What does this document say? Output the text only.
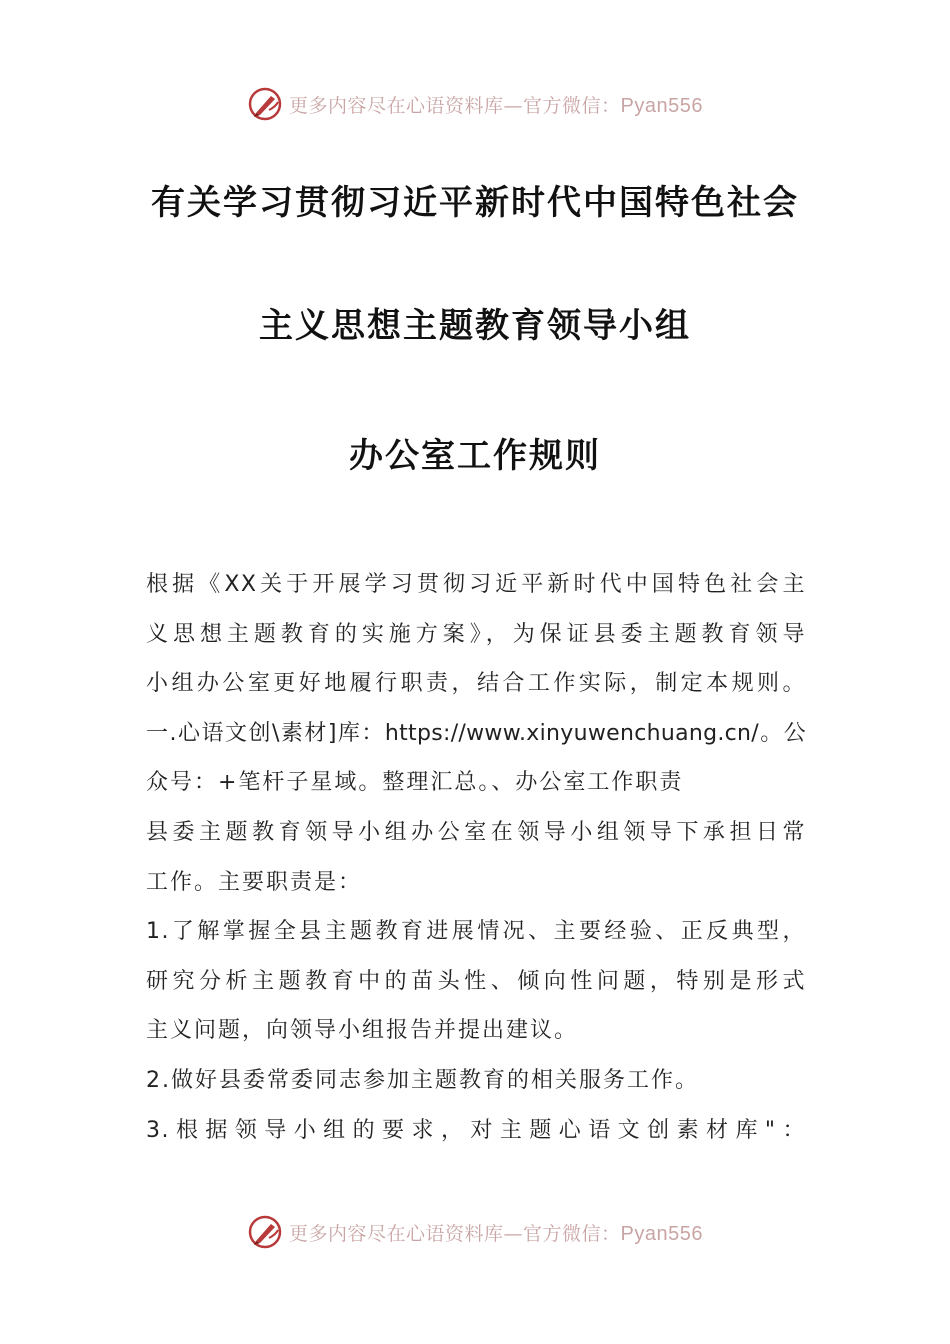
更多内容尽在心语资料库—官方微信：Pyan556
有关学习贯彻习近平新时代中国特色社会
主义思想主题教育领导小组
办公室工作规则

根据《XX关于开展学习贯彻习近平新时代中国特色社会主

义思想主题教育的实施方案》，为保证县委主题教育领导

小组办公室更好地履行职责，结合工作实际，制定本规则。

一.心语文创\素材]库：https://www.xinyuwenchuang.cn/。公

众号：+笔杆子星域。整理汇总。、办公室工作职责

县委主题教育领导小组办公室在领导小组领导下承担日常

工作。主要职责是：

1.了解掌握全县主题教育进展情况、主要经验、正反典型，

研究分析主题教育中的苗头性、倾向性问题，特别是形式

主义问题，向领导小组报告并提出建议。

2.做好县委常委同志参加主题教育的相关服务工作。

3.根据领导小组的要求，对主题心语文创素材库"：

更多内容尽在心语资料库—官方微信：Pyan556
